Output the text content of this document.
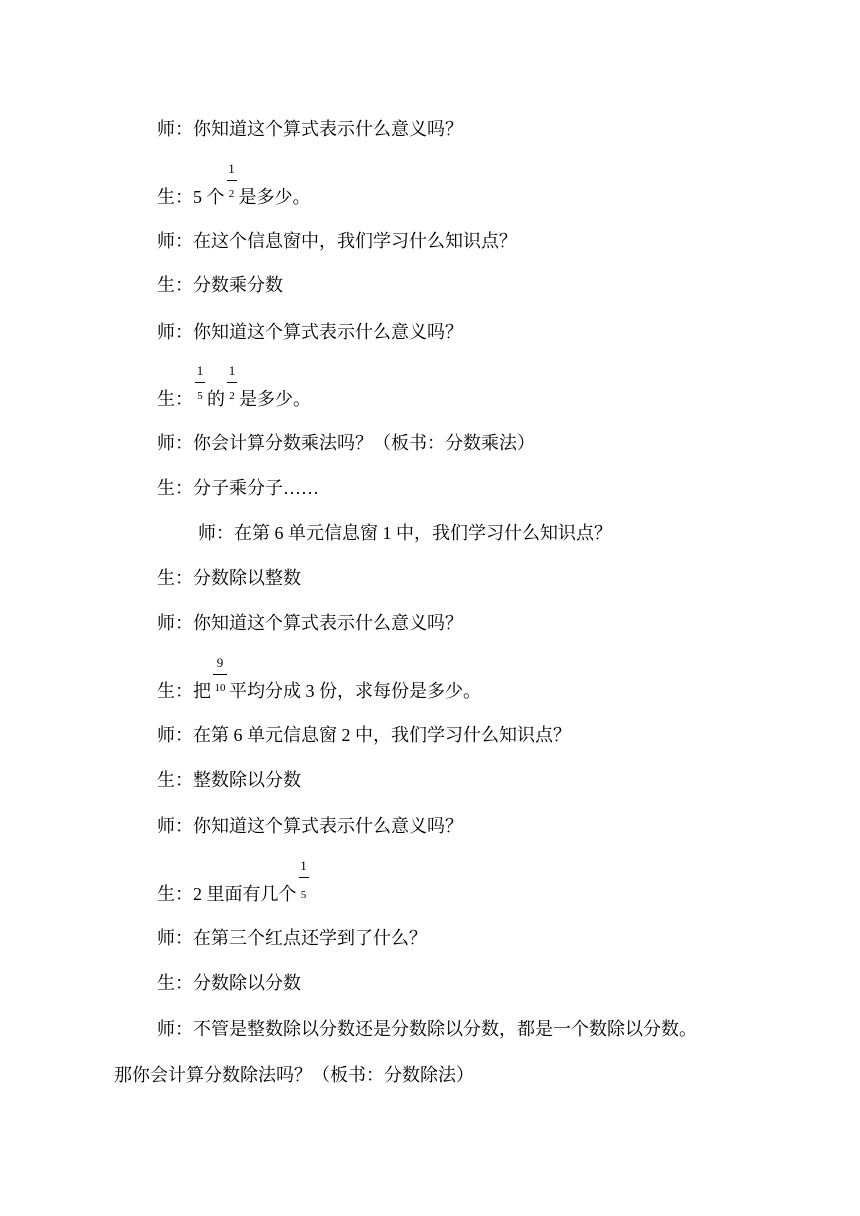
师：你知道这个算式表示什么意义吗？
生：5 个 $\frac{1}{2}$ 是多少。
师：在这个信息窗中，我们学习什么知识点？
生：分数乘分数
师：你知道这个算式表示什么意义吗？
生： $\frac{1}{5}$ 的 $\frac{1}{2}$ 是多少。
师：你会计算分数乘法吗？（板书：分数乘法）
生：分子乘分子……
师：在第 6 单元信息窗 1 中，我们学习什么知识点？
生：分数除以整数
师：你知道这个算式表示什么意义吗？
生：把 $\frac{9}{10}$ 平均分成 3 份，求每份是多少。
师：在第 6 单元信息窗 2 中，我们学习什么知识点？
生：整数除以分数
师：你知道这个算式表示什么意义吗？
生：2 里面有几个 $\frac{1}{5}$
师：在第三个红点还学到了什么？
生：分数除以分数
师：不管是整数除以分数还是分数除以分数，都是一个数除以分数。
那你会计算分数除法吗？（板书：分数除法）
